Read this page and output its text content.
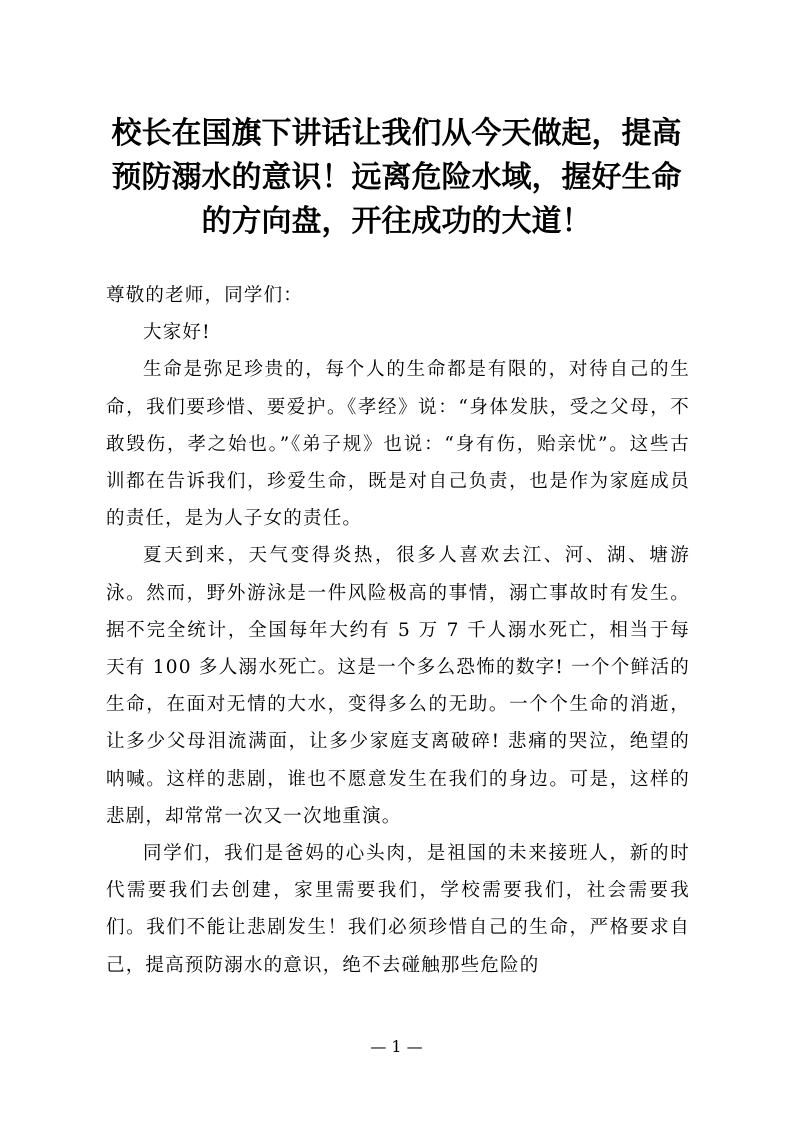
校长在国旗下讲话让我们从今天做起，提高预防溺水的意识！远离危险水域，握好生命的方向盘，开往成功的大道！

尊敬的老师，同学们：

大家好!

生命是弥足珍贵的，每个人的生命都是有限的，对待自己的生命，我们要珍惜、要爱护。《孝经》说：“身体发肤，受之父母，不敢毁伤，孝之始也。”《弟子规》也说：“身有伤，贻亲忧”。这些古训都在告诉我们，珍爱生命，既是对自己负责，也是作为家庭成员的责任，是为人子女的责任。

夏天到来，天气变得炎热，很多人喜欢去江、河、湖、塘游泳。然而，野外游泳是一件风险极高的事情，溺亡事故时有发生。据不完全统计，全国每年大约有 5 万 7 千人溺水死亡，相当于每天有 100 多人溺水死亡。这是一个多么恐怖的数字! 一个个鲜活的生命，在面对无情的大水，变得多么的无助。一个个生命的消逝，让多少父母泪流满面，让多少家庭支离破碎! 悲痛的哭泣，绝望的呐喊。这样的悲剧，谁也不愿意发生在我们的身边。可是，这样的悲剧，却常常一次又一次地重演。

同学们，我们是爸妈的心头肉，是祖国的未来接班人，新的时代需要我们去创建，家里需要我们，学校需要我们，社会需要我们。我们不能让悲剧发生！我们必须珍惜自己的生命，严格要求自己，提高预防溺水的意识，绝不去碰触那些危险的

— 1 —
